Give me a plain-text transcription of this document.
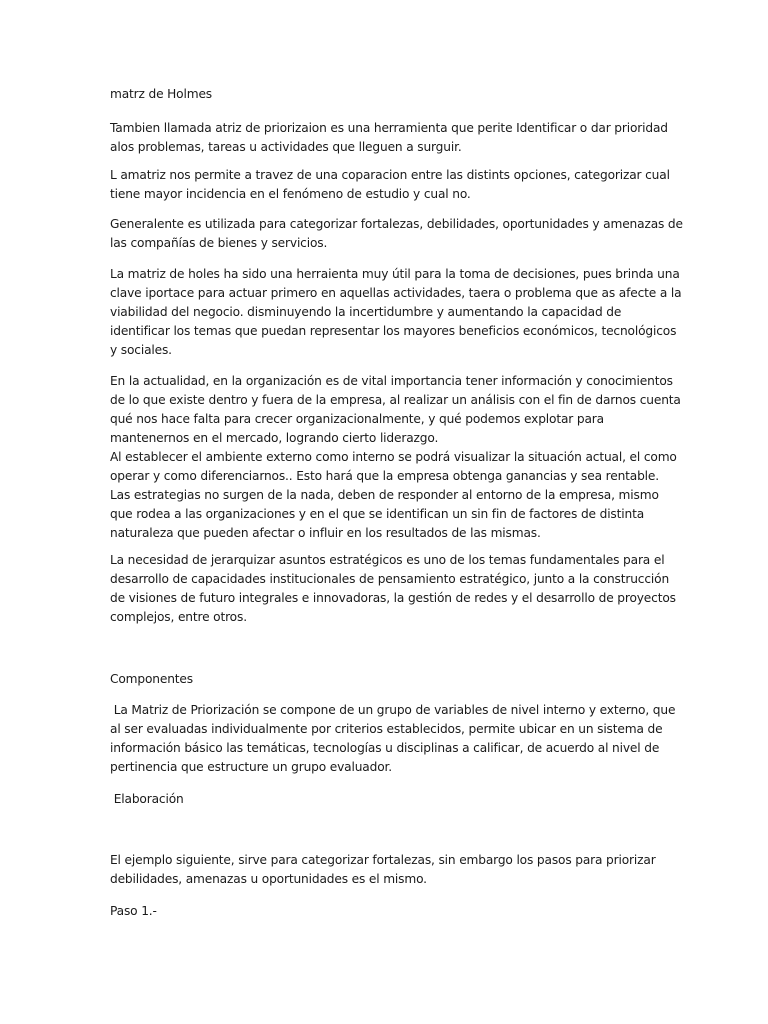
matrz de Holmes

Tambien llamada atriz de priorizaion es una herramienta que perite Identificar o dar prioridad
alos problemas, tareas u actividades que lleguen a surguir.

L amatriz nos permite a travez de una coparacion entre las distints opciones, categorizar cual
tiene mayor incidencia en el fenómeno de estudio y cual no.

Generalente es utilizada para categorizar fortalezas, debilidades, oportunidades y amenazas de
las compañías de bienes y servicios.

La matriz de holes ha sido una herraienta muy útil para la toma de decisiones, pues brinda una
clave iportace para actuar primero en aquellas actividades, taera o problema que as afecte a la
viabilidad del negocio. disminuyendo la incertidumbre y aumentando la capacidad de
identificar los temas que puedan representar los mayores beneficios económicos, tecnológicos
y sociales.

En la actualidad, en la organización es de vital importancia tener información y conocimientos
de lo que existe dentro y fuera de la empresa, al realizar un análisis con el fin de darnos cuenta
qué nos hace falta para crecer organizacionalmente, y qué podemos explotar para
mantenernos en el mercado, logrando cierto liderazgo.
Al establecer el ambiente externo como interno se podrá visualizar la situación actual, el como
operar y como diferenciarnos.. Esto hará que la empresa obtenga ganancias y sea rentable.
Las estrategias no surgen de la nada, deben de responder al entorno de la empresa, mismo
que rodea a las organizaciones y en el que se identifican un sin fin de factores de distinta
naturaleza que pueden afectar o influir en los resultados de las mismas.

La necesidad de jerarquizar asuntos estratégicos es uno de los temas fundamentales para el
desarrollo de capacidades institucionales de pensamiento estratégico, junto a la construcción
de visiones de futuro integrales e innovadoras, la gestión de redes y el desarrollo de proyectos
complejos, entre otros.

Componentes

La Matriz de Priorización se compone de un grupo de variables de nivel interno y externo, que
al ser evaluadas individualmente por criterios establecidos, permite ubicar en un sistema de
información básico las temáticas, tecnologías u disciplinas a calificar, de acuerdo al nivel de
pertinencia que estructure un grupo evaluador.

Elaboración

El ejemplo siguiente, sirve para categorizar fortalezas, sin embargo los pasos para priorizar
debilidades, amenazas u oportunidades es el mismo.

Paso 1.-
